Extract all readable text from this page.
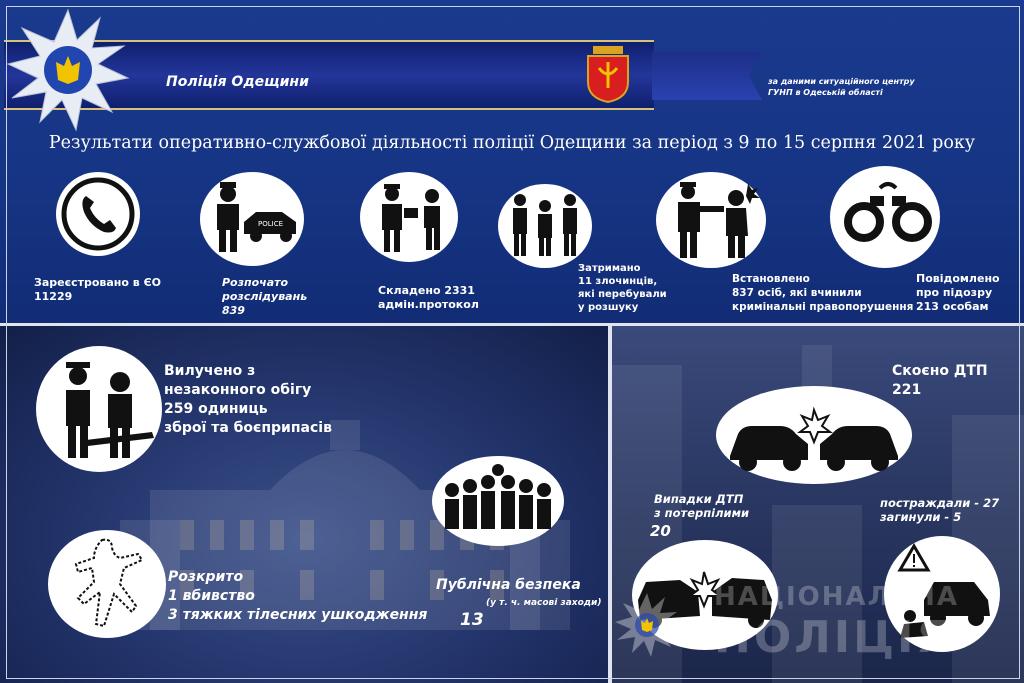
Поліція Одещини	за даними ситуаційного центру
ГУНП в Одеській області
Результати оперативно-службової діяльності поліції Одещини за період з 9 по 15 серпня 2021 року
Зареєстровано в ЄО
11229
POLICE
Розпочато
розслідувань
839
Складено 2331
адмін.протокол
Затримано
11 злочинців,
які перебували
у розшуку
Встановлено
837 осіб, які вчинили
кримінальні правопорушення
Повідомлено
про підозру
213 особам
Вилучено з
незаконного обігу
259 одиниць
зброї та боєприпасів
Розкрито
1 вбивство
3 тяжких тілесних ушкодження
Публічна безпека
(у т. ч. масові заходи)
13
Скоєно ДТП
221
Випадки ДТП
з потерпілими
20
постраждали - 27
загинули - 5
НАЦІОНАЛЬНА
ПОЛІЦІЯ
